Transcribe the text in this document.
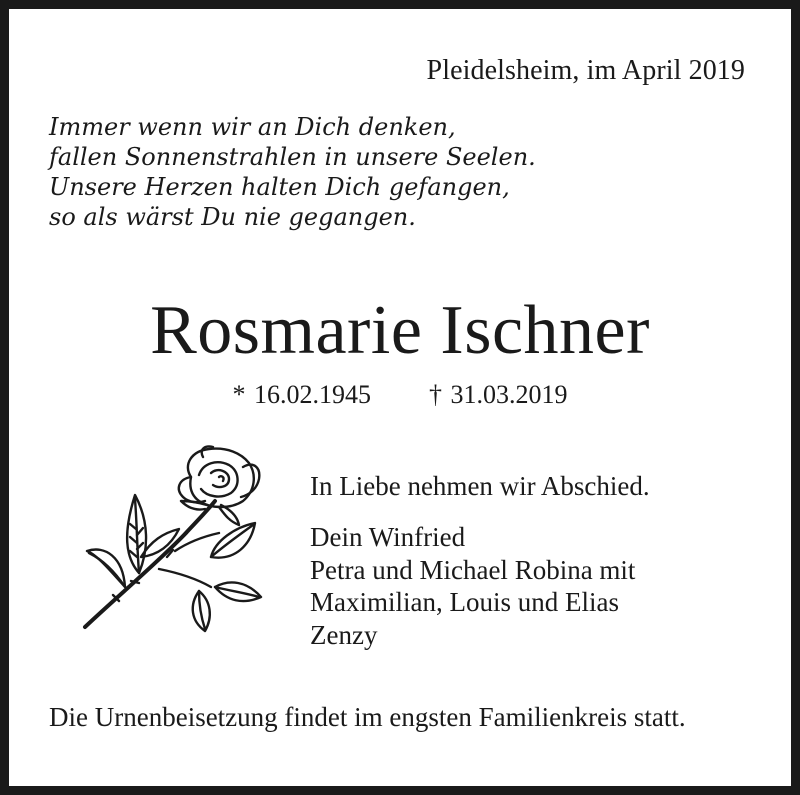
Pleidelsheim, im April 2019
Immer wenn wir an Dich denken,
fallen Sonnenstrahlen in unsere Seelen.
Unsere Herzen halten Dich gefangen,
so als wärst Du nie gegangen.
Rosmarie Ischner
* 16.02.1945 † 31.03.2019
In Liebe nehmen wir Abschied.
Dein Winfried
Petra und Michael Robina mit
Maximilian, Louis und Elias
Zenzy
Die Urnenbeisetzung findet im engsten Familienkreis statt.
